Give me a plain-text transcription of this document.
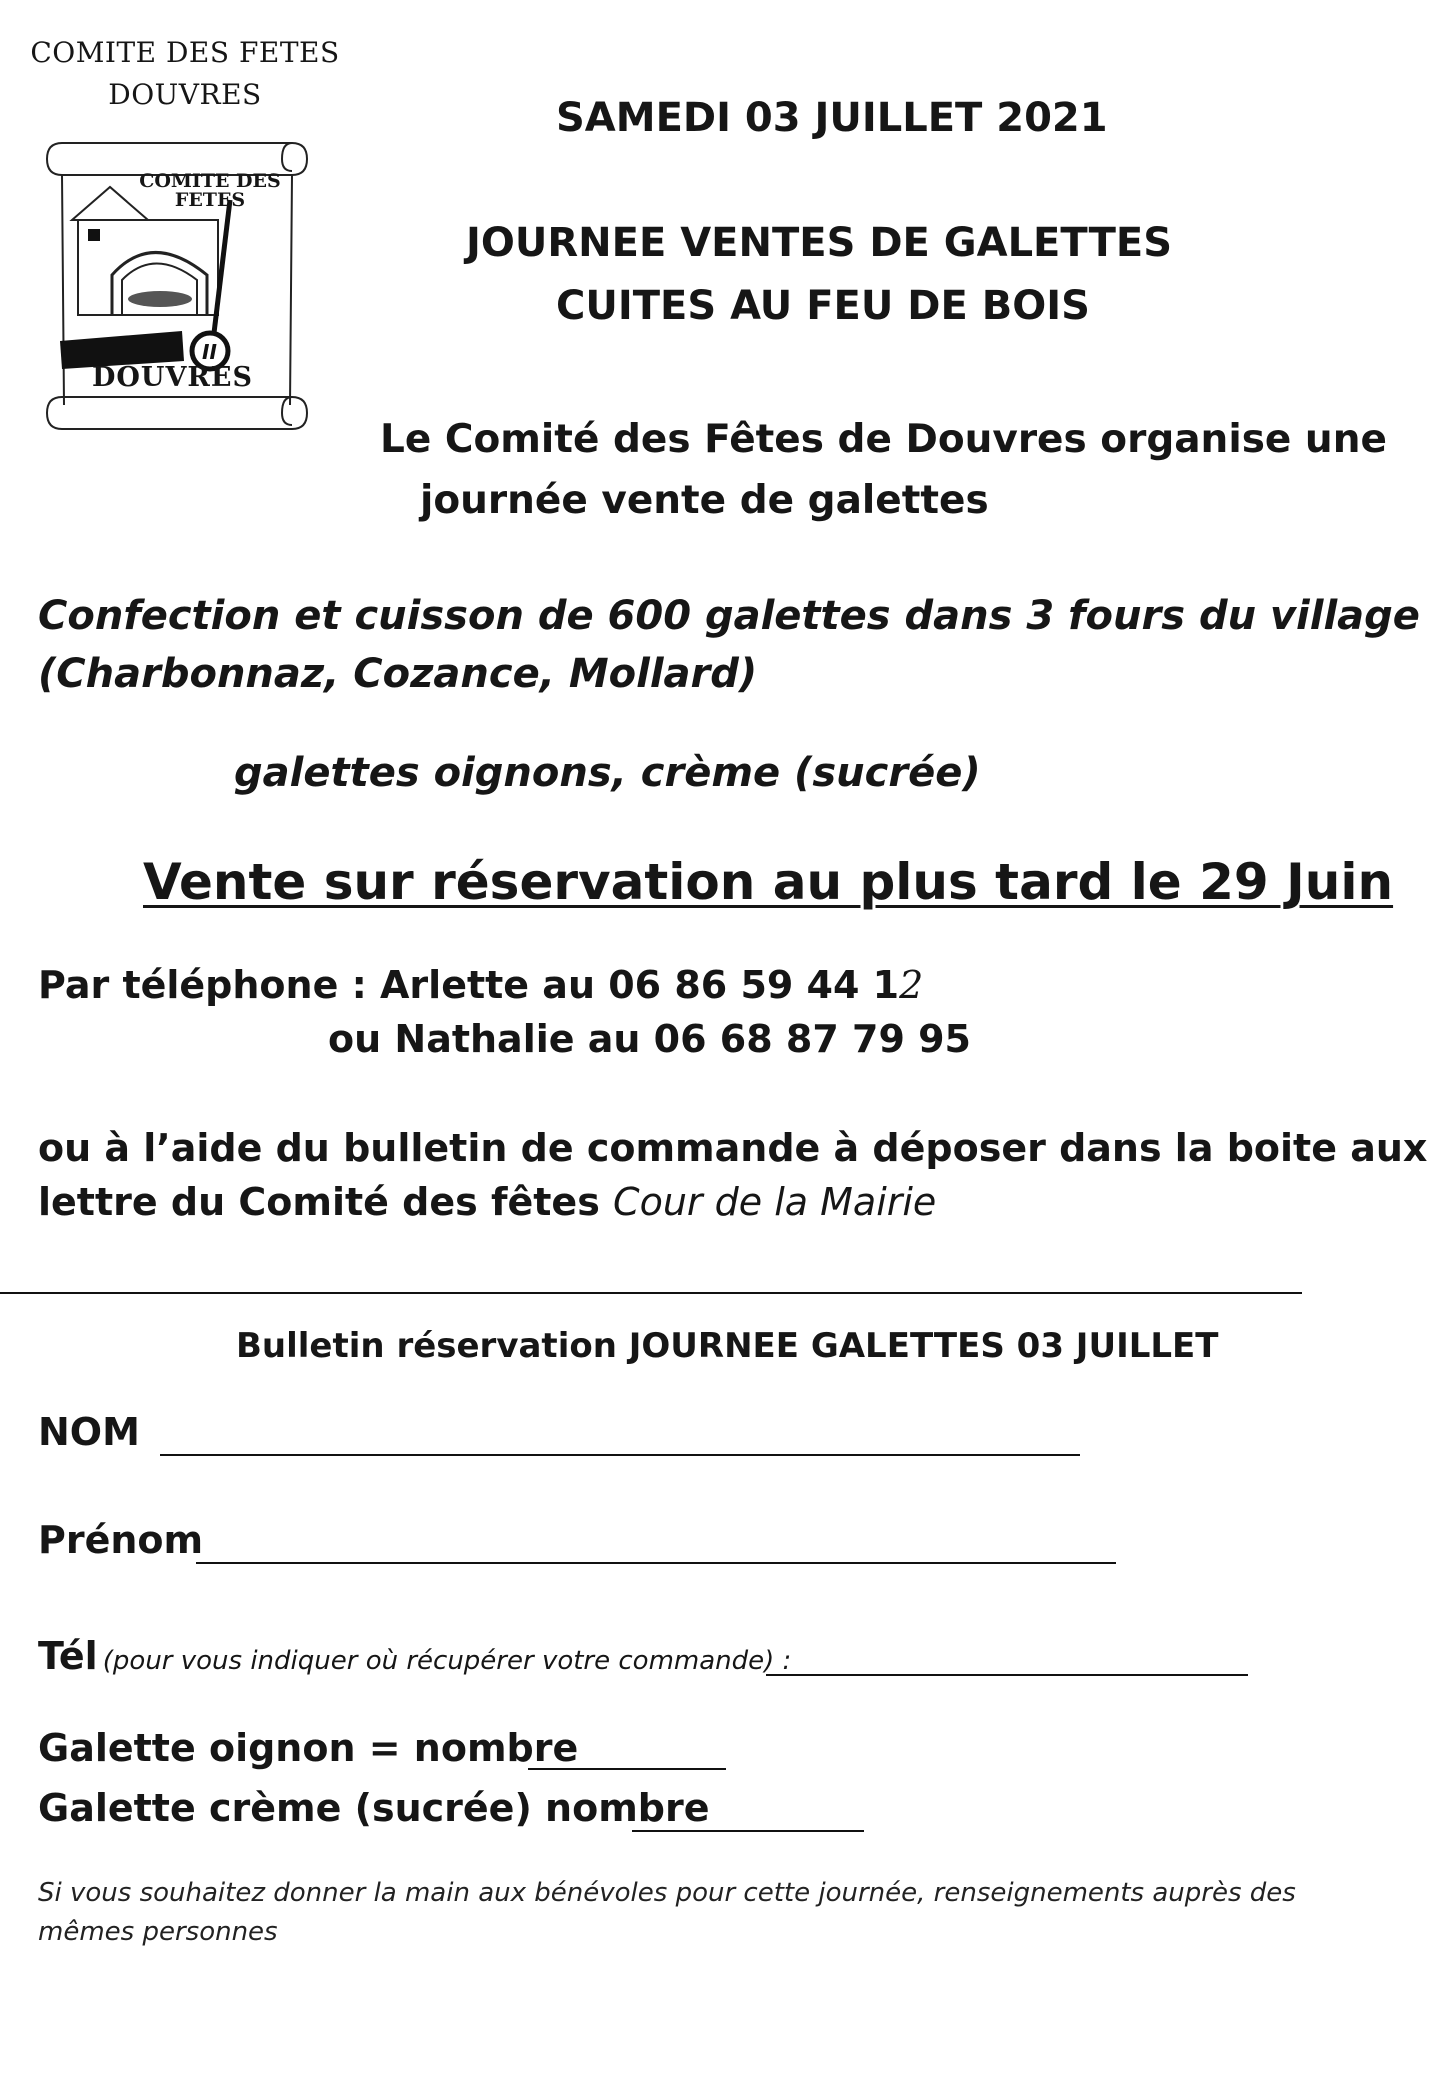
COMITE DES FETES
DOUVRES
II
COMITE DES FETES
DOUVRES
SAMEDI 03 JUILLET 2021
JOURNEE VENTES DE GALETTES
CUITES AU FEU DE BOIS
Le Comité des Fêtes de Douvres organise une
journée vente de galettes
Confection et cuisson de 600 galettes dans 3 fours du village
(Charbonnaz, Cozance, Mollard)
galettes oignons, crème (sucrée)
Vente sur réservation au plus tard le 29 Juin
Par téléphone : Arlette au 06 86 59 44 12
ou Nathalie au 06 68 87 79 95
ou à l’aide du bulletin de commande à déposer dans la boite aux
lettre du Comité des fêtes Cour de la Mairie
Bulletin réservation JOURNEE GALETTES 03 JUILLET
NOM
Prénom
Tél (pour vous indiquer où récupérer votre commande) :
Galette oignon = nombre
Galette crème (sucrée) nombre
Si vous souhaitez donner la main aux bénévoles pour cette journée, renseignements auprès des
mêmes personnes
